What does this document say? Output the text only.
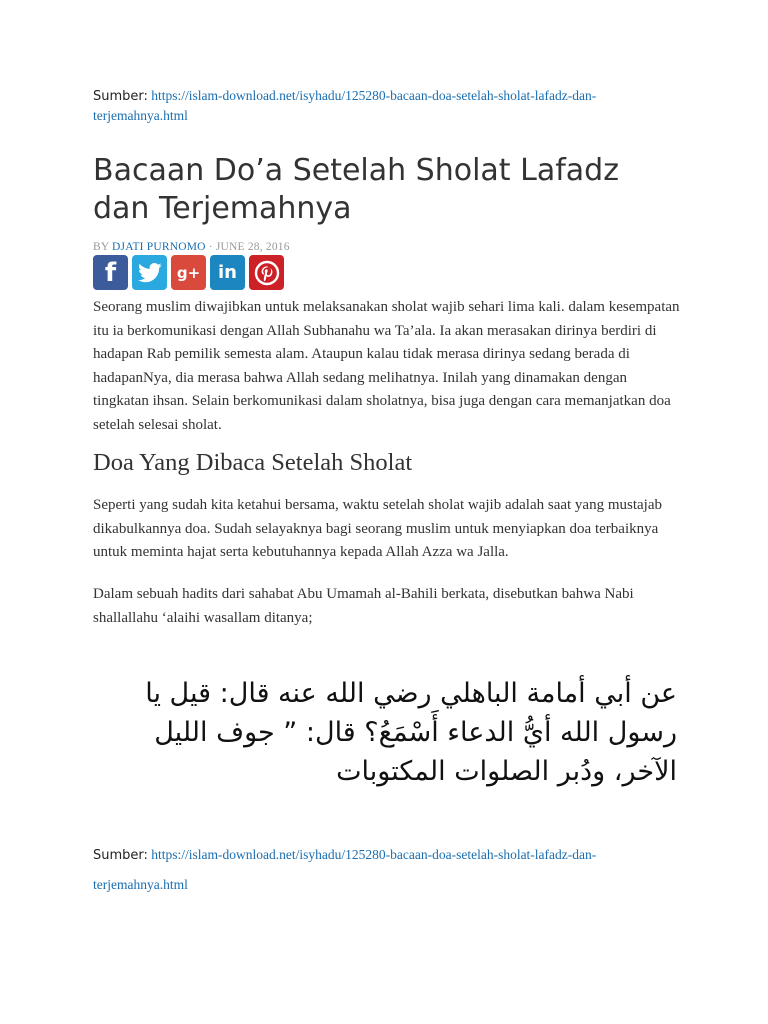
Sumber: https://islam-download.net/isyhadu/125280-bacaan-doa-setelah-sholat-lafadz-dan-terjemahnya.html
Bacaan Do’a Setelah Sholat Lafadz dan Terjemahnya
BY DJATI PURNOMO · JUNE 28, 2016
f	g+ in

Seorang muslim diwajibkan untuk melaksanakan sholat wajib sehari lima kali. dalam kesempatan itu ia berkomunikasi dengan Allah Subhanahu wa Ta’ala. Ia akan merasakan dirinya berdiri di hadapan Rab pemilik semesta alam. Ataupun kalau tidak merasa dirinya sedang berada di hadapanNya, dia merasa bahwa Allah sedang melihatnya. Inilah yang dinamakan dengan tingkatan ihsan. Selain berkomunikasi dalam sholatnya, bisa juga dengan cara memanjatkan doa setelah selesai sholat.

Doa Yang Dibaca Setelah Sholat

Seperti yang sudah kita ketahui bersama, waktu setelah sholat wajib adalah saat yang mustajab dikabulkannya doa. Sudah selayaknya bagi seorang muslim untuk menyiapkan doa terbaiknya untuk meminta hajat serta kebutuhannya kepada Allah Azza wa Jalla.

Dalam sebuah hadits dari sahabat Abu Umamah al-Bahili berkata, disebutkan bahwa Nabi shallallahu ‘alaihi wasallam ditanya;

عن أبي أمامة الباهلي رضي الله عنه قال: قيل يا رسول الله أيُّ الدعاء أَسْمَعُ؟ قال: ” جوف الليل الآخر، ودُبر الصلوات المكتوبات

Sumber: https://islam-download.net/isyhadu/125280-bacaan-doa-setelah-sholat-lafadz-dan-terjemahnya.html
